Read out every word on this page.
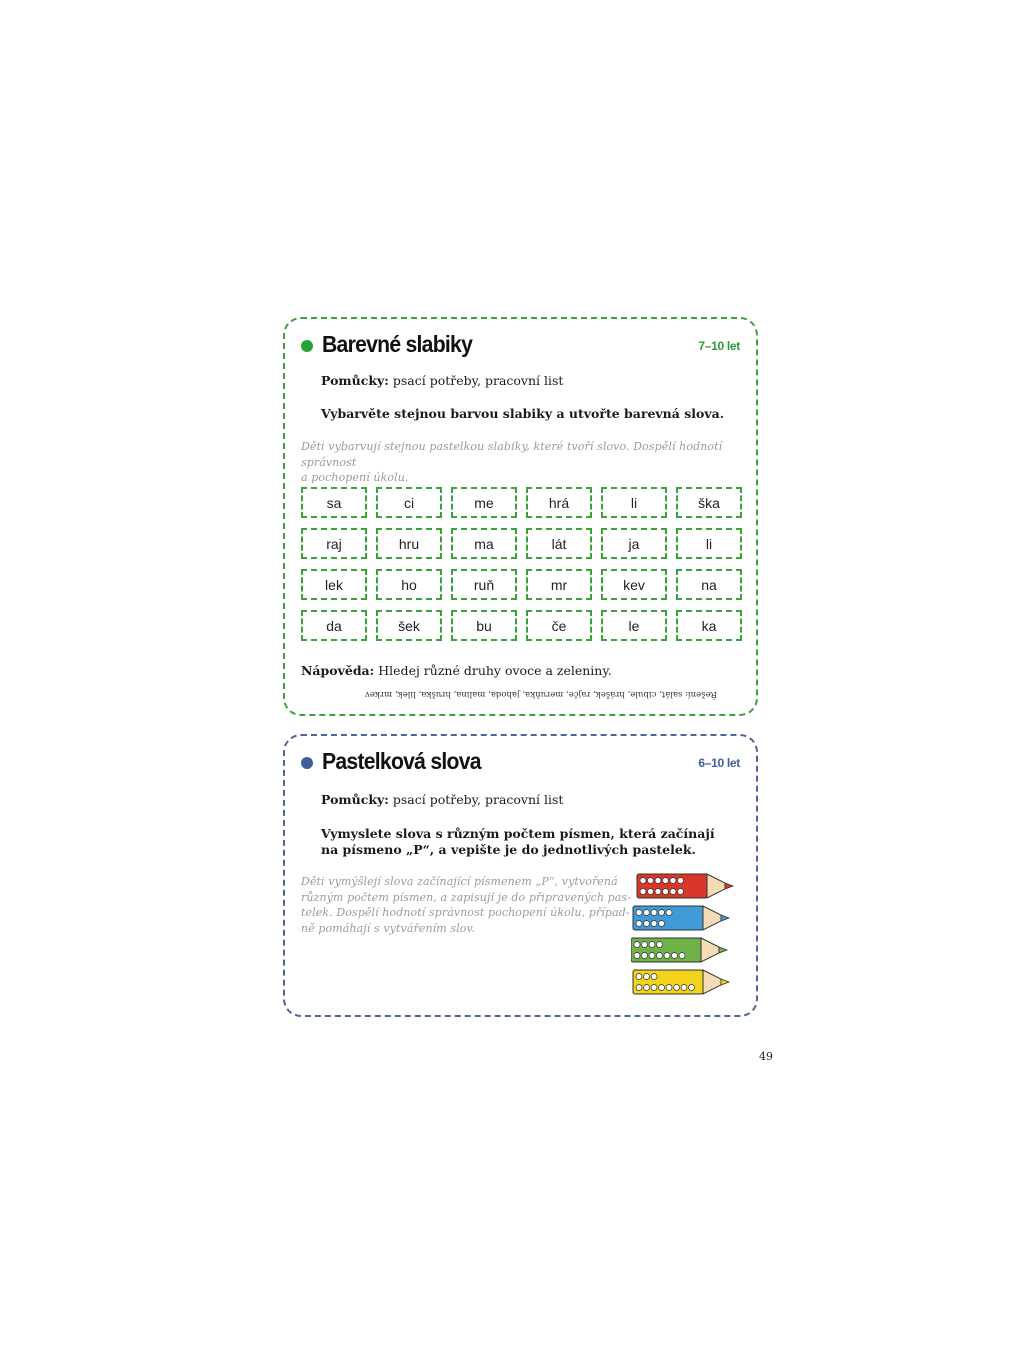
Barevné slabiky	7–10 let
Pomůcky: psací potřeby, pracovní list
Vybarvěte stejnou barvou slabiky a utvořte barevná slova.
Děti vybarvují stejnou pastelkou slabiky, které tvoří slovo. Dospělí hodnotí správnost
a pochopení úkolu.
sa	ci	me	hrá	li	ška
raj	hru	ma	lát	ja	li
lek	ho	ruň	mr	kev	na
da	šek	bu	če	le	ka
Nápověda: Hledej různé druhy ovoce a zeleniny.
Řešení: salát, cibule, hrášek, rajče, meruňka, jahoda, malina, hruška, lilek, mrkev
Pastelková slova	6–10 let
Pomůcky: psací potřeby, pracovní list
Vymyslete slova s různým počtem písmen, která začínají
na písmeno „P“, a vepište je do jednotlivých pastelek.
Děti vymýšlejí slova začínající písmenem „P“, vytvořená
různým počtem písmen, a zapisují je do připravených pas-
telek. Dospělí hodnotí správnost pochopení úkolu, případ-
ně pomáhají s vytvářením slov.
49
